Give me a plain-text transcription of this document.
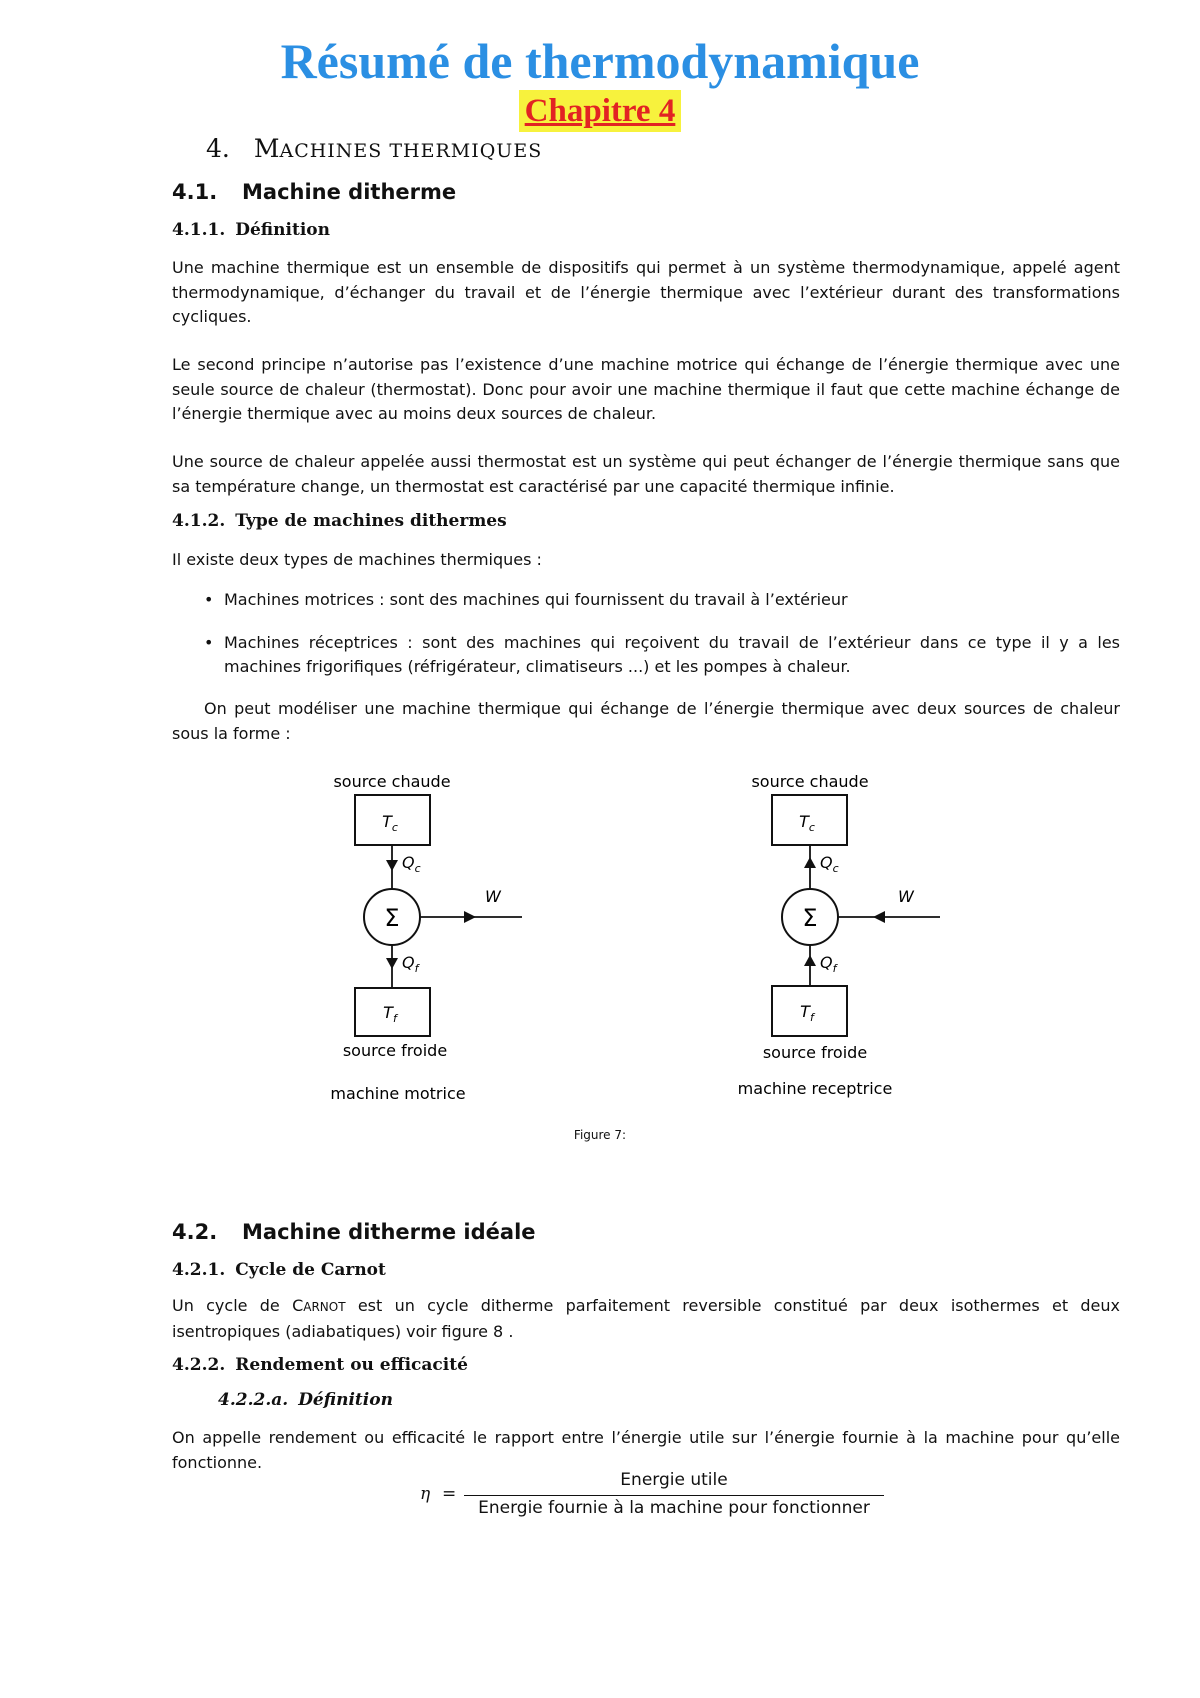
Résumé de thermodynamique
Chapitre 4
4. MACHINES THERMIQUES
4.1. Machine ditherme
4.1.1. Définition

Une machine thermique est un ensemble de dispositifs qui permet à un système thermodynamique, appelé agent thermodynamique, d’échanger du travail et de l’énergie thermique avec l’extérieur durant des transformations cycliques.

Le second principe n’autorise pas l’existence d’une machine motrice qui échange de l’énergie thermique avec une seule source de chaleur (thermostat). Donc pour avoir une machine thermique il faut que cette machine échange de l’énergie thermique avec au moins deux sources de chaleur.

Une source de chaleur appelée aussi thermostat est un système qui peut échanger de l’énergie thermique sans que sa température change, un thermostat est caractérisé par une capacité thermique infinie.

4.1.2. Type de machines dithermes

Il existe deux types de machines thermiques :

• Machines motrices : sont des machines qui fournissent du travail à l’extérieur
• Machines réceptrices : sont des machines qui reçoivent du travail de l’extérieur dans ce type il y a les machines frigorifiques (réfrigérateur, climatiseurs ...) et les pompes à chaleur.

On peut modéliser une machine thermique qui échange de l’énergie thermique avec deux sources de chaleur sous la forme :

source chaude
$T_c$
$Q_c$
Σ
W
$Q_f$
$T_f$
source froide
machine motrice
source chaude
$T_c$
$Q_c$
Σ
W
$Q_f$
$T_f$
source froide
machine receptrice
Figure 7:
4.2. Machine ditherme idéale
4.2.1. Cycle de Carnot

Un cycle de CARNOT est un cycle ditherme parfaitement reversible constitué par deux isothermes et deux isentropiques (adiabatiques) voir figure 8 .

4.2.2. Rendement ou efficacité
4.2.2.a. Définition

On appelle rendement ou efficacité le rapport entre l’énergie utile sur l’énergie fournie à la machine pour qu’elle fonctionne.

η =
Energie utile
Energie fournie à la machine pour fonctionner
